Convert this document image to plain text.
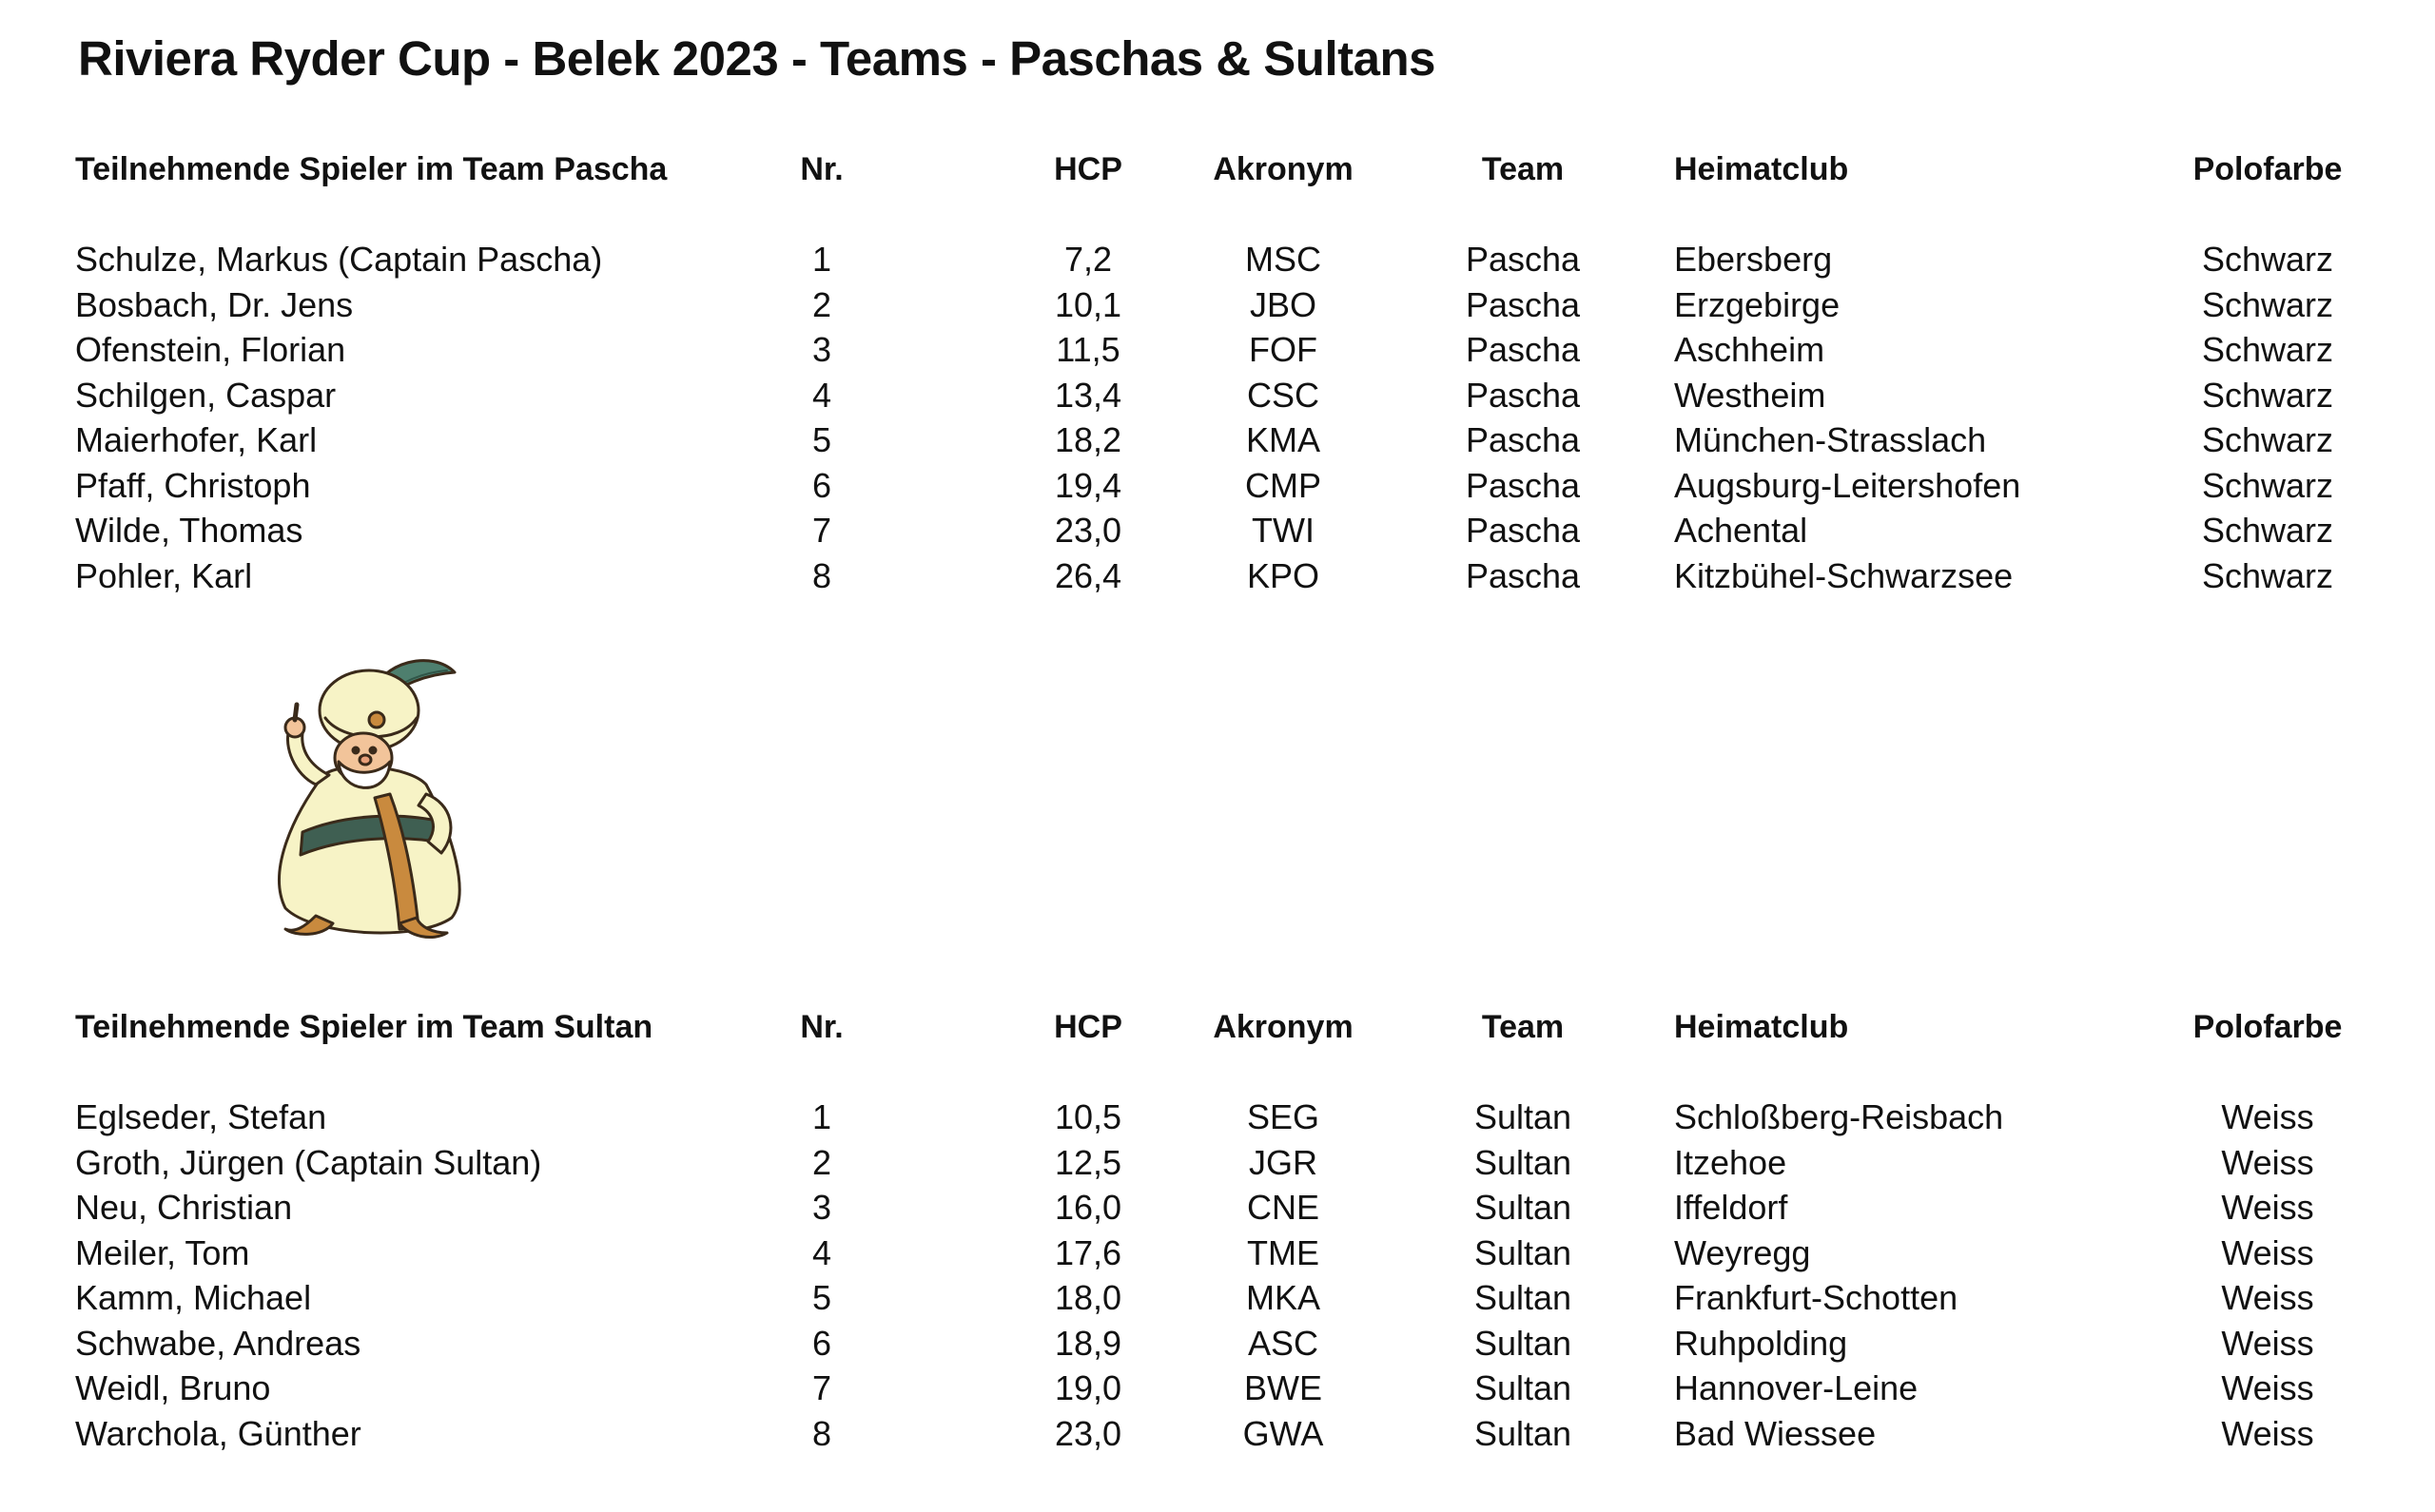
Riviera Ryder Cup - Belek 2023 - Teams - Paschas & Sultans
Teilnehmende Spieler im Team Pascha	Nr.	HCP	Akronym	Team	Heimatclub	Polofarbe
Schulze, Markus (Captain Pascha)	1	7,2	MSC	Pascha	Ebersberg	Schwarz
Bosbach, Dr. Jens	2	10,1	JBO	Pascha	Erzgebirge	Schwarz
Ofenstein, Florian	3	11,5	FOF	Pascha	Aschheim	Schwarz
Schilgen, Caspar	4	13,4	CSC	Pascha	Westheim	Schwarz
Maierhofer, Karl	5	18,2	KMA	Pascha	München-Strasslach	Schwarz
Pfaff, Christoph	6	19,4	CMP	Pascha	Augsburg-Leitershofen	Schwarz
Wilde, Thomas	7	23,0	TWI	Pascha	Achental	Schwarz
Pohler, Karl	8	26,4	KPO	Pascha	Kitzbühel-Schwarzsee	Schwarz
Teilnehmende Spieler im Team Sultan	Nr.	HCP	Akronym	Team	Heimatclub	Polofarbe
Eglseder, Stefan	1	10,5	SEG	Sultan	Schloßberg-Reisbach	Weiss
Groth, Jürgen (Captain Sultan)	2	12,5	JGR	Sultan	Itzehoe	Weiss
Neu, Christian	3	16,0	CNE	Sultan	Iffeldorf	Weiss
Meiler, Tom	4	17,6	TME	Sultan	Weyregg	Weiss
Kamm, Michael	5	18,0	MKA	Sultan	Frankfurt-Schotten	Weiss
Schwabe, Andreas	6	18,9	ASC	Sultan	Ruhpolding	Weiss
Weidl, Bruno	7	19,0	BWE	Sultan	Hannover-Leine	Weiss
Warchola, Günther	8	23,0	GWA	Sultan	Bad Wiessee	Weiss
